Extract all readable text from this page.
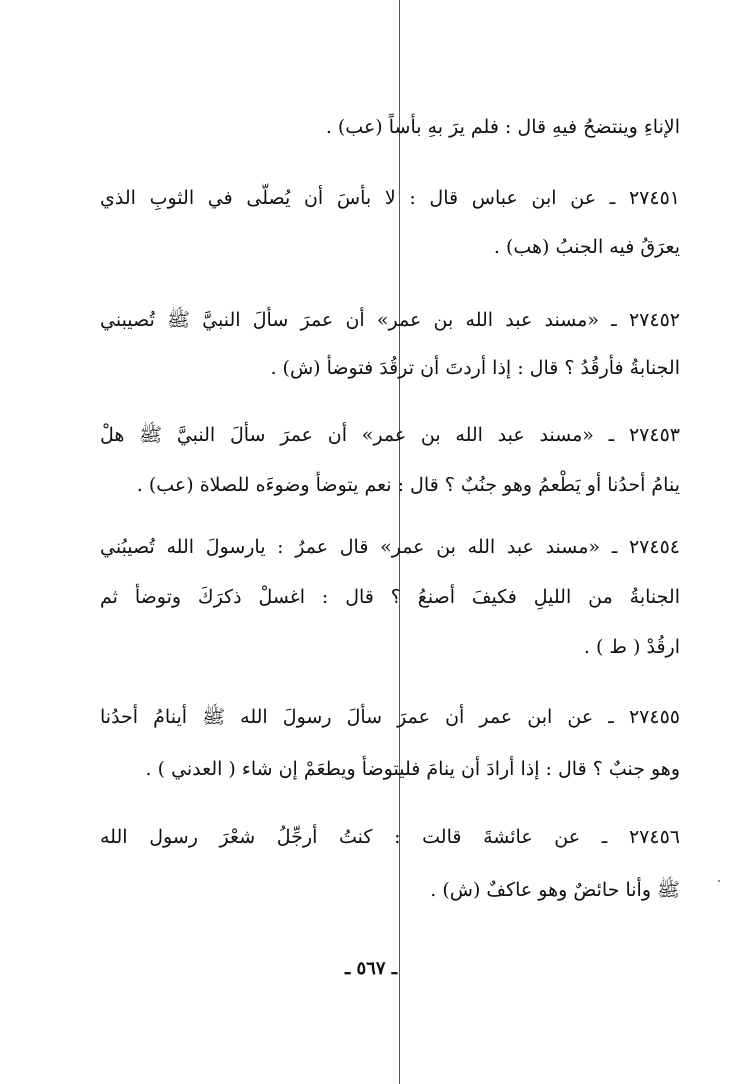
الإناءِ وينتضحُ فيهِ قال : فلم يرَ بهِ بأساً (عب) .
٢٧٤٥١ ـ عن ابن عباس قال : لا بأسَ أن يُصلَّى في الثوبِ الذي
يعرَقُ فيه الجنبُ (هب) .
٢٧٤٥٢ ـ «مسند عبد الله بن عمر» أن عمرَ سألَ النبيَّ ﷺ تُصيبني
الجنابةُ فأرقُدُ ؟ قال : إذا أردتَ أن ترقُدَ فتوضأ (ش) .
٢٧٤٥٣ ـ «مسند عبد الله بن عمر» أن عمرَ سألَ النبيَّ ﷺ هلْ
ينامُ أحدُنا أو يَطْعمُ وهو جنُبٌ ؟ قال : نعم يتوضأُ وضوءَه للصلاة (عب) .
٢٧٤٥٤ ـ «مسند عبد الله بن عمر» قال عمرُ : يارسولَ الله تُصيبُني
الجنابةُ من الليلِ فكيفَ أصنعُ ؟ قال : اغسلْ ذكرَكَ وتوضأ ثم
ارقُدْ ( ط ) .
٢٧٤٥٥ ـ عن ابن عمر أن عمرَ سألَ رسولَ الله ﷺ أينامُ أحدُنا
وهو جنبٌ ؟ قال : إذا أرادَ أن ينامَ فليتوضأ ويطعَمْ إن شاء ( العدني ) .
٢٧٤٥٦ ـ عن عائشةَ قالت : كنتُ أرجِّلُ شعْرَ رسول الله
ﷺ وأنا حائضٌ وهو عاكفٌ (ش) .
ـ ٥٦٧ ـ
